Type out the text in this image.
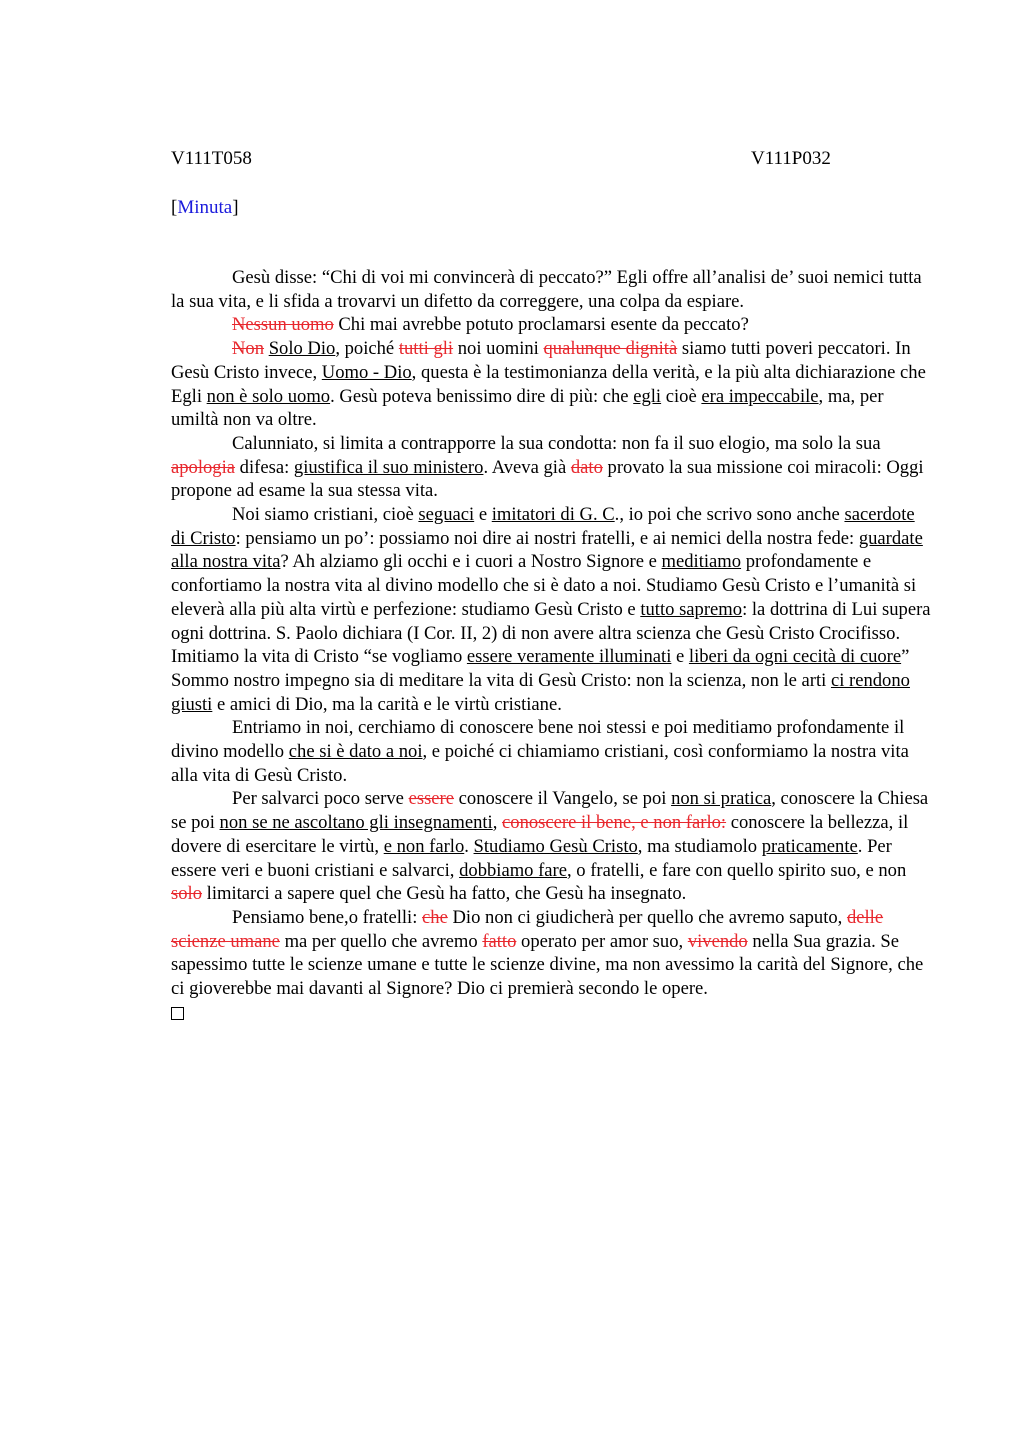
V111T058	V111P032
[Minuta]

Gesù disse: “Chi di voi mi convincerà di peccato?” Egli offre all’analisi de’ suoi nemici tutta la sua vita, e li sfida a trovarvi un difetto da correggere, una colpa da espiare.

Nessun uomo Chi mai avrebbe potuto proclamarsi esente da peccato?

Non Solo Dio, poiché tutti gli noi uomini qualunque dignità siamo tutti poveri peccatori. In Gesù Cristo invece, Uomo - Dio, questa è la testimonianza della verità, e la più alta dichiarazione che Egli non è solo uomo. Gesù poteva benissimo dire di più: che egli cioè era impeccabile, ma, per umiltà non va oltre.

Calunniato, si limita a contrapporre la sua condotta: non fa il suo elogio, ma solo la sua apologia difesa: giustifica il suo ministero. Aveva già dato provato la sua missione coi miracoli: Oggi propone ad esame la sua stessa vita.

Noi siamo cristiani, cioè seguaci e imitatori di G. C., io poi che scrivo sono anche sacerdote di Cristo: pensiamo un po’: possiamo noi dire ai nostri fratelli, e ai nemici della nostra fede: guardate alla nostra vita? Ah alziamo gli occhi e i cuori a Nostro Signore e meditiamo profondamente e confortiamo la nostra vita al divino modello che si è dato a noi. Studiamo Gesù Cristo e l’umanità si eleverà alla più alta virtù e perfezione: studiamo Gesù Cristo e tutto sapremo: la dottrina di Lui supera ogni dottrina. S. Paolo dichiara (I Cor. II, 2) di non avere altra scienza che Gesù Cristo Crocifisso. Imitiamo la vita di Cristo “se vogliamo essere veramente illuminati e liberi da ogni cecità di cuore” Sommo nostro impegno sia di meditare la vita di Gesù Cristo: non la scienza, non le arti ci rendono giusti e amici di Dio, ma la carità e le virtù cristiane.

Entriamo in noi, cerchiamo di conoscere bene noi stessi e poi meditiamo profondamente il divino modello che si è dato a noi, e poiché ci chiamiamo cristiani, così conformiamo la nostra vita alla vita di Gesù Cristo.

Per salvarci poco serve essere conoscere il Vangelo, se poi non si pratica, conoscere la Chiesa se poi non se ne ascoltano gli insegnamenti, conoscere il bene, e non farlo: conoscere la bellezza, il dovere di esercitare le virtù, e non farlo. Studiamo Gesù Cristo, ma studiamolo praticamente. Per essere veri e buoni cristiani e salvarci, dobbiamo fare, o fratelli, e fare con quello spirito suo, e non solo limitarci a sapere quel che Gesù ha fatto, che Gesù ha insegnato.

Pensiamo bene,o fratelli: che Dio non ci giudicherà per quello che avremo saputo, delle scienze umane ma per quello che avremo fatto operato per amor suo, vivendo nella Sua grazia. Se sapessimo tutte le scienze umane e tutte le scienze divine, ma non avessimo la carità del Signore, che ci gioverebbe mai davanti al Signore? Dio ci premierà secondo le opere.
